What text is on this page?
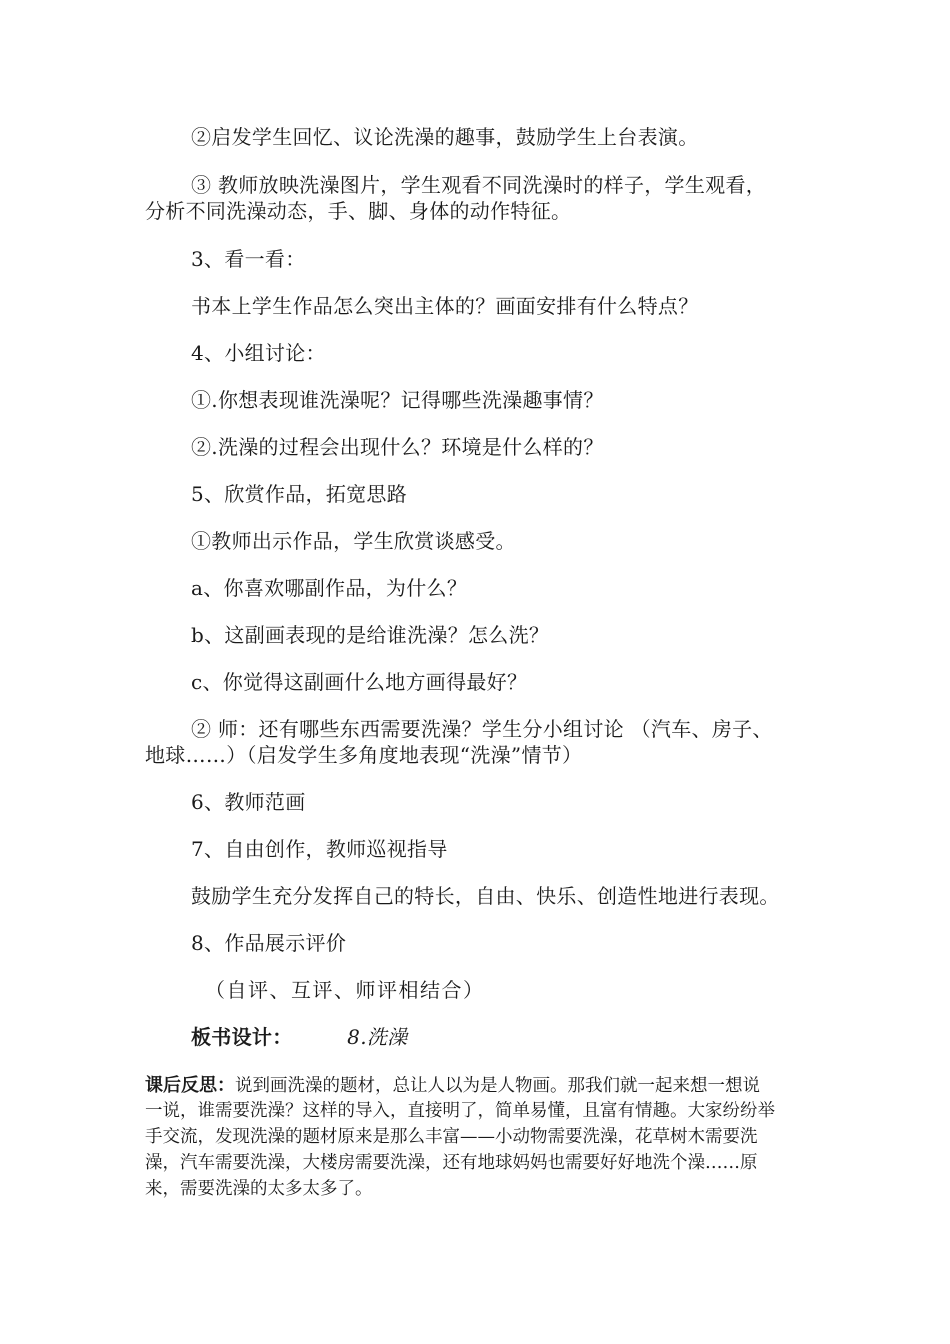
②启发学生回忆、议论洗澡的趣事，鼓励学生上台表演。
③ 教师放映洗澡图片，学生观看不同洗澡时的样子，学生观看，
分析不同洗澡动态，手、脚、身体的动作特征。
3、看一看：
书本上学生作品怎么突出主体的？画面安排有什么特点？
4、小组讨论：
①.你想表现谁洗澡呢？记得哪些洗澡趣事情？
②.洗澡的过程会出现什么？环境是什么样的？
5、欣赏作品，拓宽思路
①教师出示作品，学生欣赏谈感受。
a、你喜欢哪副作品，为什么？
b、这副画表现的是给谁洗澡？怎么洗？
c、你觉得这副画什么地方画得最好？
② 师：还有哪些东西需要洗澡？学生分小组讨论 （汽车、房子、
地球……）（启发学生多角度地表现“洗澡”情节）
6、教师范画
7、自由创作，教师巡视指导
鼓励学生充分发挥自己的特长，自由、快乐、创造性地进行表现。
8、作品展示评价
（自评、互评、师评相结合）
板书设计：	8.洗澡
课后反思：说到画洗澡的题材，总让人以为是人物画。那我们就一起来想一想说
一说，谁需要洗澡？这样的导入，直接明了，简单易懂，且富有情趣。大家纷纷举
手交流，发现洗澡的题材原来是那么丰富——小动物需要洗澡，花草树木需要洗
澡，汽车需要洗澡，大楼房需要洗澡，还有地球妈妈也需要好好地洗个澡……原
来，需要洗澡的太多太多了。
